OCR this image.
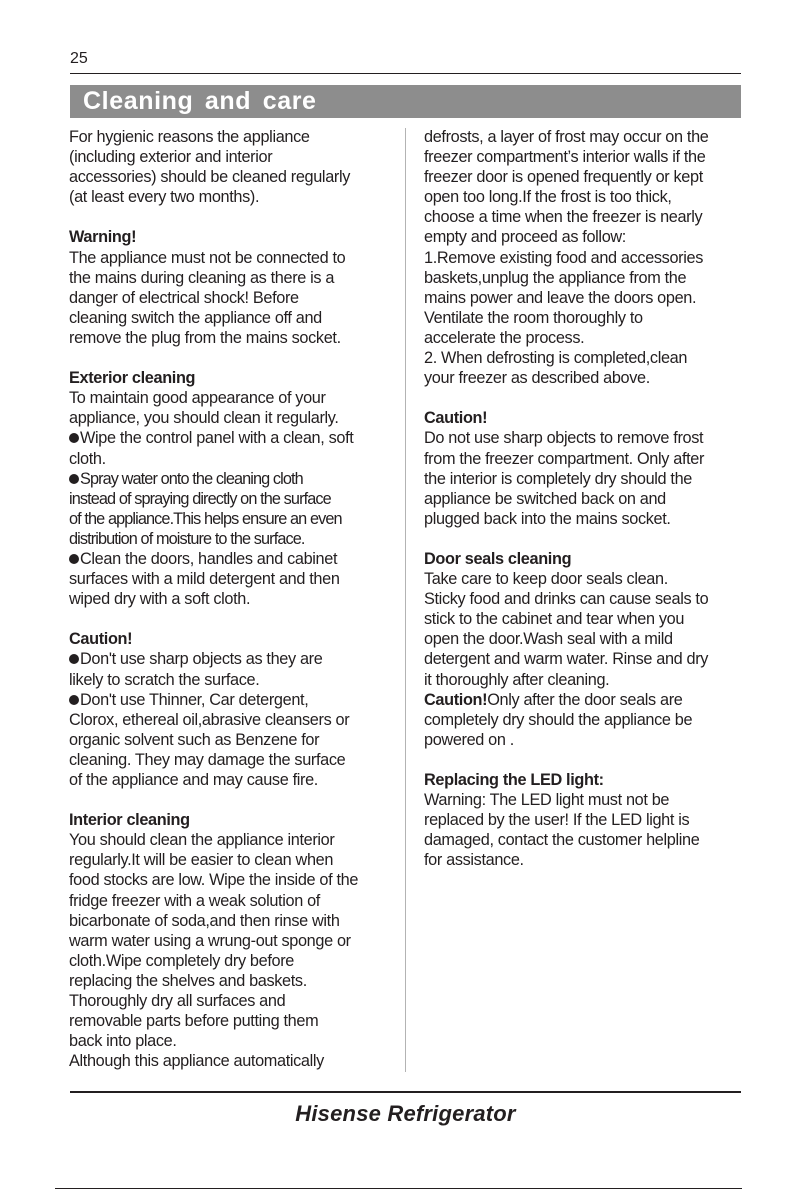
25
Cleaning and care

For hygienic reasons the appliance
(including exterior and interior
accessories) should be cleaned regularly
(at least every two months).

Warning!

The appliance must not be connected to
the mains during cleaning as there is a
danger of electrical shock! Before
cleaning switch the appliance off and
remove the plug from the mains socket.

Exterior cleaning

To maintain good appearance of your
appliance, you should clean it regularly.

Wipe the control panel with a clean, soft
cloth.

Spray water onto the cleaning cloth
instead of spraying directly on the surface
of the appliance.This helps ensure an even
distribution of moisture to the surface.

Clean the doors, handles and cabinet
surfaces with a mild detergent and then
wiped dry with a soft cloth.

Caution!

Don't use sharp objects as they are
likely to scratch the surface.

Don't use Thinner, Car detergent,
Clorox, ethereal oil,abrasive cleansers or
organic solvent such as Benzene for
cleaning. They may damage the surface
of the appliance and may cause fire.

Interior cleaning

You should clean the appliance interior
regularly.It will be easier to clean when
food stocks are low. Wipe the inside of the
fridge freezer with a weak solution of
bicarbonate of soda,and then rinse with
warm water using a wrung-out sponge or
cloth.Wipe completely dry before
replacing the shelves and baskets.
Thoroughly dry all surfaces and
removable parts before putting them
back into place.
Although this appliance automatically

defrosts, a layer of frost may occur on the
freezer compartment’s interior walls if the
freezer door is opened frequently or kept
open too long.If the frost is too thick,
choose a time when the freezer is nearly
empty and proceed as follow:
1.Remove existing food and accessories
baskets,unplug the appliance from the
mains power and leave the doors open.
Ventilate the room thoroughly to
accelerate the process.
2. When defrosting is completed,clean
your freezer as described above.

Caution!

Do not use sharp objects to remove frost
from the freezer compartment. Only after
the interior is completely dry should the
appliance be switched back on and
plugged back into the mains socket.

Door seals cleaning

Take care to keep door seals clean.
Sticky food and drinks can cause seals to
stick to the cabinet and tear when you
open the door.Wash seal with a mild
detergent and warm water. Rinse and dry
it thoroughly after cleaning.

Caution!Only after the door seals are
completely dry should the appliance be
powered on .

Replacing the LED light:

Warning: The LED light must not be
replaced by the user! If the LED light is
damaged, contact the customer helpline
for assistance.

Hisense Refrigerator
